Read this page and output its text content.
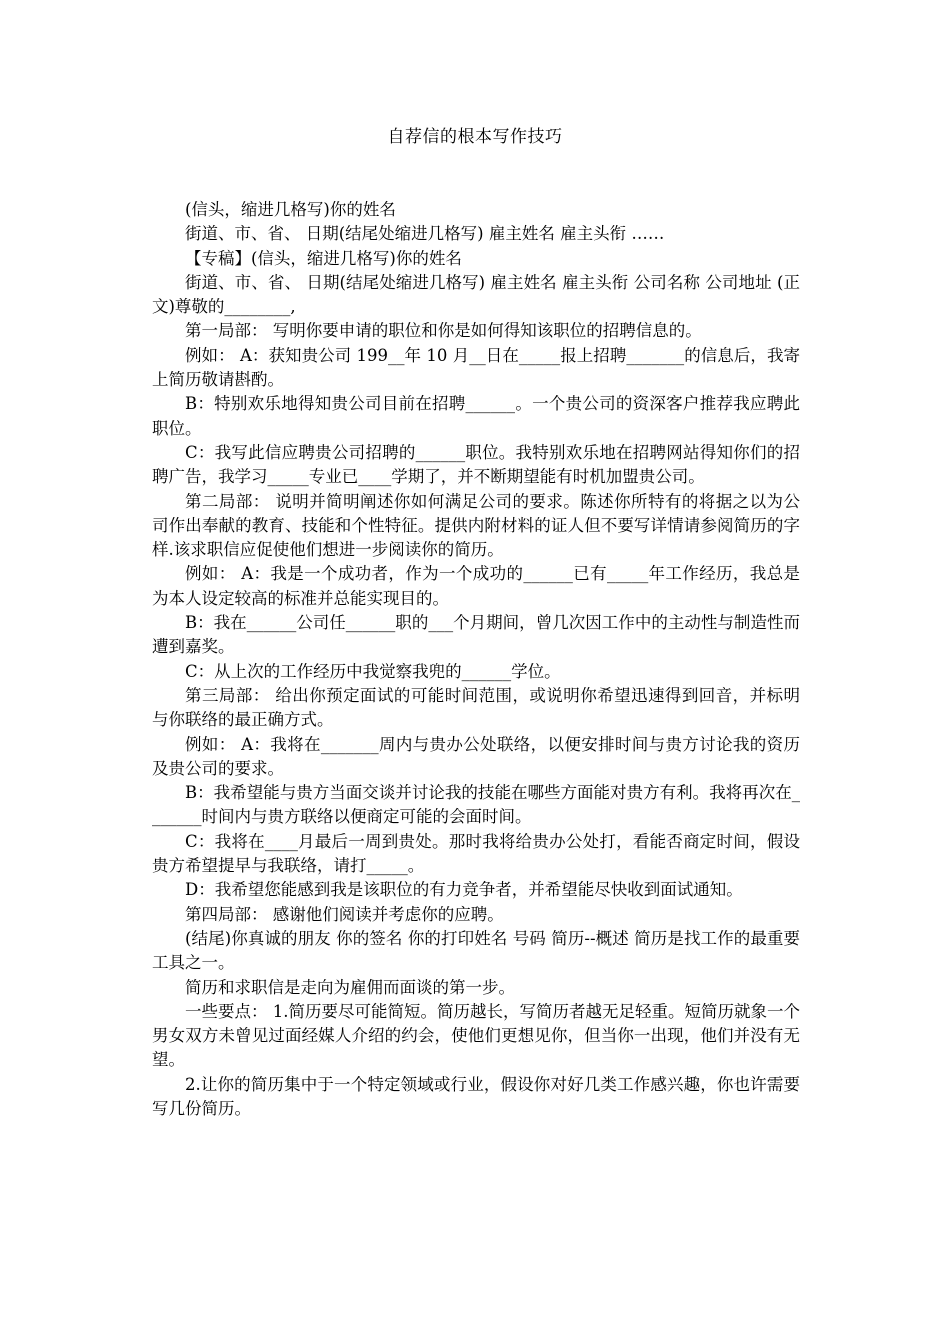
自荐信的根本写作技巧

(信头，缩进几格写)你的姓名

街道、市、省、 日期(结尾处缩进几格写) 雇主姓名 雇主头衔 ……

【专稿】(信头，缩进几格写)你的姓名

街道、市、省、 日期(结尾处缩进几格写) 雇主姓名 雇主头衔 公司名称 公司地址 (正文)尊敬的________,

第一局部： 写明你要申请的职位和你是如何得知该职位的招聘信息的。

例如： A：获知贵公司 199__年 10 月__日在_____报上招聘_______的信息后，我寄上简历敬请斟酌。

B：特别欢乐地得知贵公司目前在招聘______。一个贵公司的资深客户推荐我应聘此职位。

C：我写此信应聘贵公司招聘的______职位。我特别欢乐地在招聘网站得知你们的招聘广告，我学习_____专业已____学期了，并不断期望能有时机加盟贵公司。

第二局部： 说明并简明阐述你如何满足公司的要求。陈述你所特有的将据之以为公司作出奉献的教育、技能和个性特征。提供内附材料的证人但不要写详情请参阅简历的字样.该求职信应促使他们想进一步阅读你的简历。

例如： A：我是一个成功者，作为一个成功的______已有_____年工作经历，我总是为本人设定较高的标准并总能实现目的。

B：我在______公司任______职的___个月期间，曾几次因工作中的主动性与制造性而遭到嘉奖。

C：从上次的工作经历中我觉察我兜的______学位。

第三局部： 给出你预定面试的可能时间范围，或说明你希望迅速得到回音，并标明与你联络的最正确方式。

例如： A：我将在_______周内与贵办公处联络，以便安排时间与贵方讨论我的资历及贵公司的要求。

B：我希望能与贵方当面交谈并讨论我的技能在哪些方面能对贵方有利。我将再次在_______时间内与贵方联络以便商定可能的会面时间。

C：我将在____月最后一周到贵处。那时我将给贵办公处打，看能否商定时间，假设贵方希望提早与我联络，请打_____。

D：我希望您能感到我是该职位的有力竞争者，并希望能尽快收到面试通知。

第四局部： 感谢他们阅读并考虑你的应聘。

(结尾)你真诚的朋友 你的签名 你的打印姓名 号码 简历--概述 简历是找工作的最重要工具之一。

简历和求职信是走向为雇佣而面谈的第一步。

一些要点： 1.简历要尽可能简短。简历越长，写简历者越无足轻重。短简历就象一个男女双方未曾见过面经媒人介绍的约会，使他们更想见你，但当你一出现，他们并没有无望。

2.让你的简历集中于一个特定领域或行业，假设你对好几类工作感兴趣，你也许需要写几份简历。
